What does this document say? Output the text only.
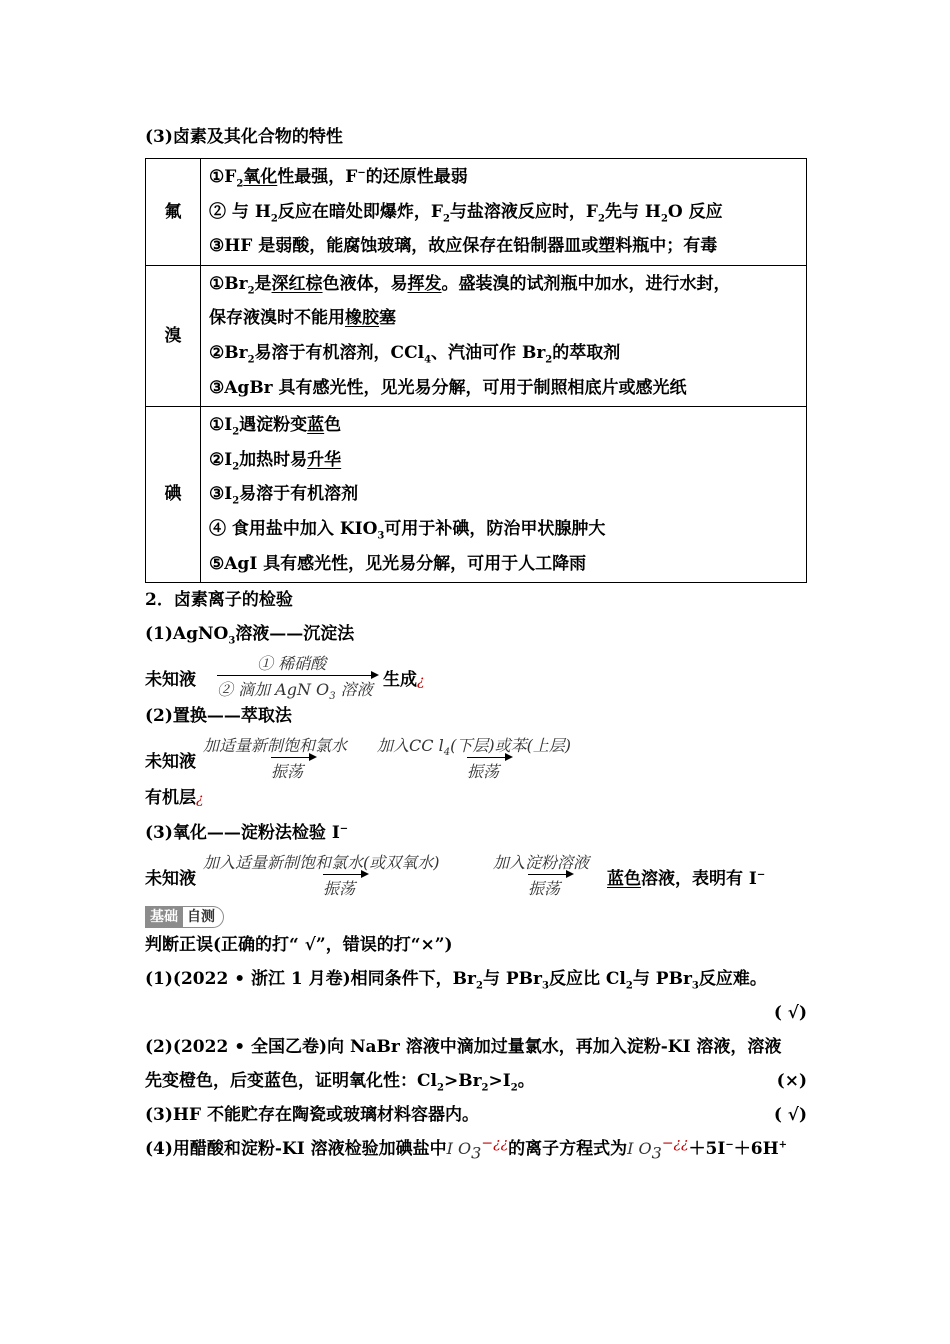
(3)卤素及其化合物的特性
氟	$①F_2$氧化性最强，F−的还原性最弱
② 与 $H_2$反应在暗处即爆炸，$F_2$与盐溶液反应时，$F_2$先与 $H_2O$ 反应
③HF 是弱酸，能腐蚀玻璃，故应保存在铅制器皿或塑料瓶中；有毒

溴	$①Br_2$是深红棕色液体，易挥发。盛装溴的试剂瓶中加水，进行水封，
保存液溴时不能用橡胶塞
$②Br_2$易溶于有机溶剂，CCl$_4$、汽油可作 $Br_2$的萃取剂
③AgBr 具有感光性，见光易分解，可用于制照相底片或感光纸

碘	$①I_2$遇淀粉变蓝色
$②I_2$加热时易升华
$③I_2$易溶于有机溶剂
④ 食用盐中加入 $KIO_3$可用于补碘，防治甲状腺肿大
⑤AgI 具有感光性，见光易分解，可用于人工降雨
2．卤素离子的检验
(1)AgNO$_3$溶液——沉淀法
未知液
① 稀硝酸
② 滴加 AgN $O_3$ 溶液 生成¿
(2)置换——萃取法
未知液
加适量新制饱和氯水
振荡
加入CC $l_4$(下层)或苯(上层)
振荡
有机层¿
(3)氧化——淀粉法检验 I−
未知液
加入适量新制饱和氯水(或双氧水)
振荡
加入淀粉溶液
振荡	蓝色溶液，表明有 I−
基础 自测
判断正误(正确的打“ √”，错误的打“×”)
(1)(2022 • 浙江 1 月卷)相同条件下，$Br_2$与 PBr$_3$反应比 $Cl_2$与 PBr$_3$反应难。
( √)

(2)(2022 • 全国乙卷)向 NaBr 溶液中滴加过量氯水，再加入淀粉-KI 溶液，溶液
先变橙色，后变蓝色，证明氧化性：$Cl_2>Br_2>I_2$。	(×)
(3)HF 不能贮存在陶瓷或玻璃材料容器内。	( √)
(4)用醋酸和淀粉-KI 溶液检验加碘盐中I $O_3^{-¿¿}$的离子方程式为I $O_3^{-¿¿}+5I^-+6H^+$
